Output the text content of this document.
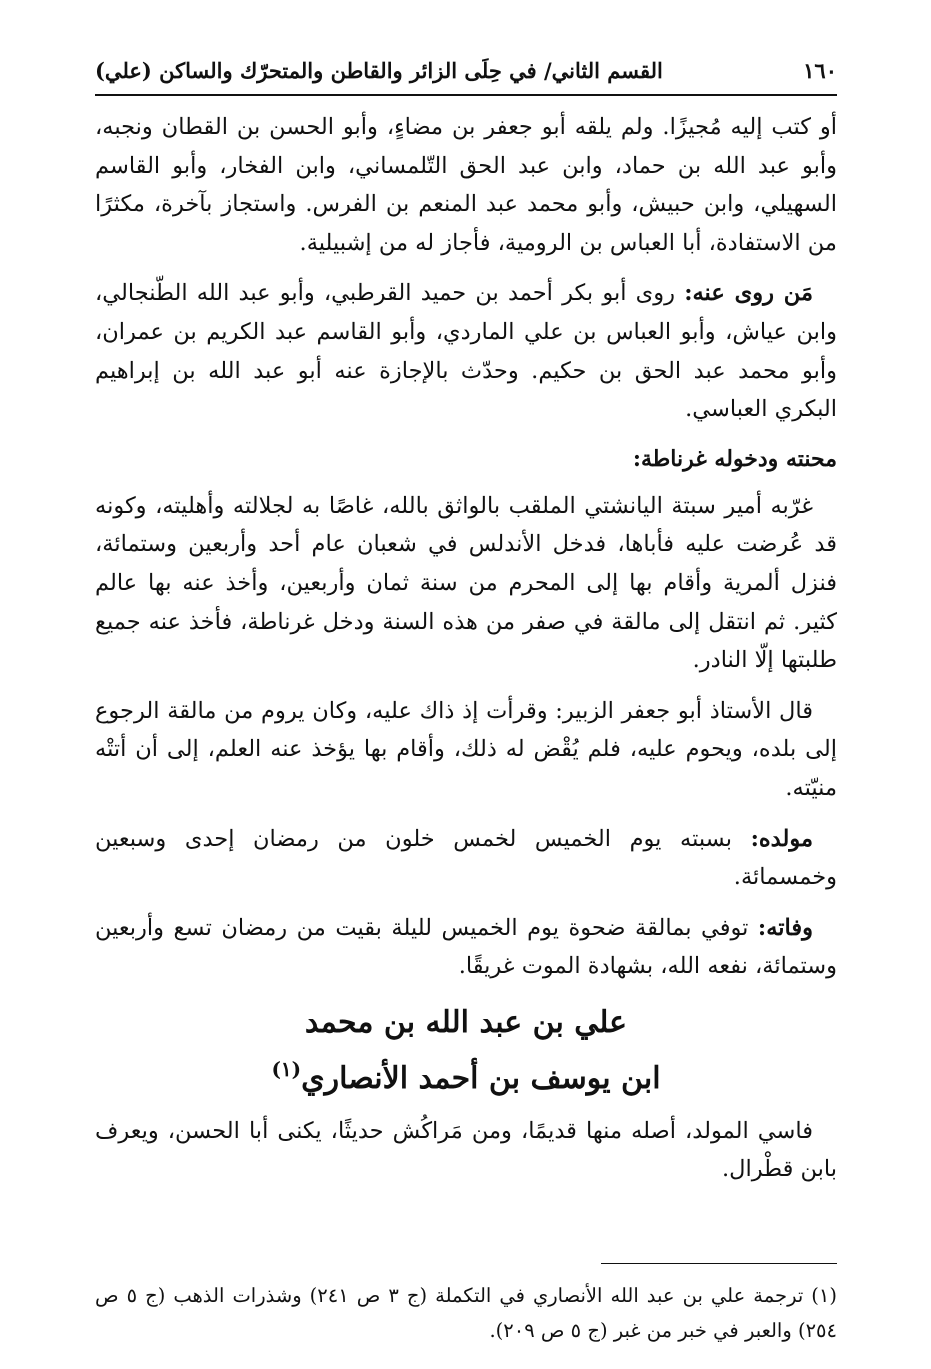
١٦٠
القسم الثاني/ في حِلَى الزائر والقاطن والمتحرّك والساكن (علي)

أو كتب إليه مُجيزًا. ولم يلقه أبو جعفر بن مضاءٍ، وأبو الحسن بن القطان ونجبه، وأبو عبد الله بن حماد، وابن عبد الحق التّلمساني، وابن الفخار، وأبو القاسم السهيلي، وابن حبيش، وأبو محمد عبد المنعم بن الفرس. واستجاز بآخرة، مكثرًا من الاستفادة، أبا العباس بن الرومية، فأجاز له من إشبيلية.

مَن روى عنه: روى أبو بكر أحمد بن حميد القرطبي، وأبو عبد الله الطّنجالي، وابن عياش، وأبو العباس بن علي الماردي، وأبو القاسم عبد الكريم بن عمران، وأبو محمد عبد الحق بن حكيم. وحدّث بالإجازة عنه أبو عبد الله بن إبراهيم البكري العباسي.

محنته ودخوله غرناطة:

غرّبه أمير سبتة اليانشتي الملقب بالواثق بالله، غاصًا به لجلالته وأهليته، وكونه قد عُرضت عليه فأباها، فدخل الأندلس في شعبان عام أحد وأربعين وستمائة، فنزل ألمرية وأقام بها إلى المحرم من سنة ثمان وأربعين، وأخذ عنه بها عالم كثير. ثم انتقل إلى مالقة في صفر من هذه السنة ودخل غرناطة، فأخذ عنه جميع طلبتها إلّا النادر.

قال الأستاذ أبو جعفر الزبير: وقرأت إذ ذاك عليه، وكان يروم من مالقة الرجوع إلى بلده، ويحوم عليه، فلم يُقْض له ذلك، وأقام بها يؤخذ عنه العلم، إلى أن أتتْه منيّته.

مولده: بسبته يوم الخميس لخمس خلون من رمضان إحدى وسبعين وخمسمائة.

وفاته: توفي بمالقة ضحوة يوم الخميس لليلة بقيت من رمضان تسع وأربعين وستمائة، نفعه الله، بشهادة الموت غريقًا.

علي بن عبد الله بن محمد
ابن يوسف بن أحمد الأنصاري$^{(١)}$

فاسي المولد، أصله منها قديمًا، ومن مَراكُش حديثًا، يكنى أبا الحسن، ويعرف بابن قطْرال.

(١) ترجمة علي بن عبد الله الأنصاري في التكملة (ج ٣ ص ٢٤١) وشذرات الذهب (ج ٥ ص ٢٥٤) والعبر في خبر من غبر (ج ٥ ص ٢٠٩).
